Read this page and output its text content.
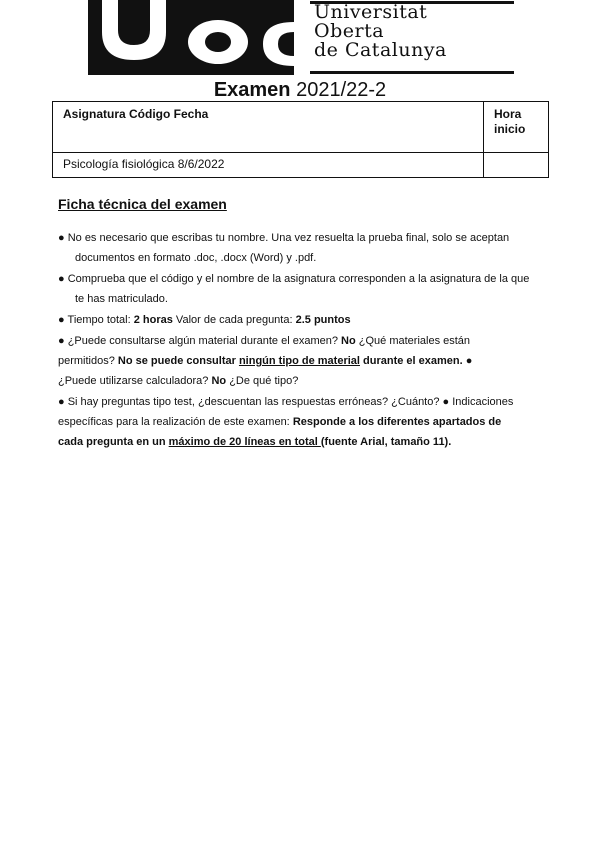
Universitat
Oberta
de Catalunya
Examen 2021/22-2
Asignatura Código Fecha	Hora inicio
Psicología fisiológica 8/6/2022	
Ficha técnica del examen

● No es necesario que escribas tu nombre. Una vez resuelta la prueba final, solo se aceptan
documentos en formato .doc, .docx (Word) y .pdf.

● Comprueba que el código y el nombre de la asignatura corresponden a la asignatura de la que
te has matriculado.

● Tiempo total: 2 horas Valor de cada pregunta: 2.5 puntos

● ¿Puede consultarse algún material durante el examen? No ¿Qué materiales están
permitidos? No se puede consultar ningún tipo de material durante el examen. ●
¿Puede utilizarse calculadora? No ¿De qué tipo?

● Si hay preguntas tipo test, ¿descuentan las respuestas erróneas? ¿Cuánto? ● Indicaciones
específicas para la realización de este examen: Responde a los diferentes apartados de
cada pregunta en un máximo de 20 líneas en total (fuente Arial, tamaño 11).
